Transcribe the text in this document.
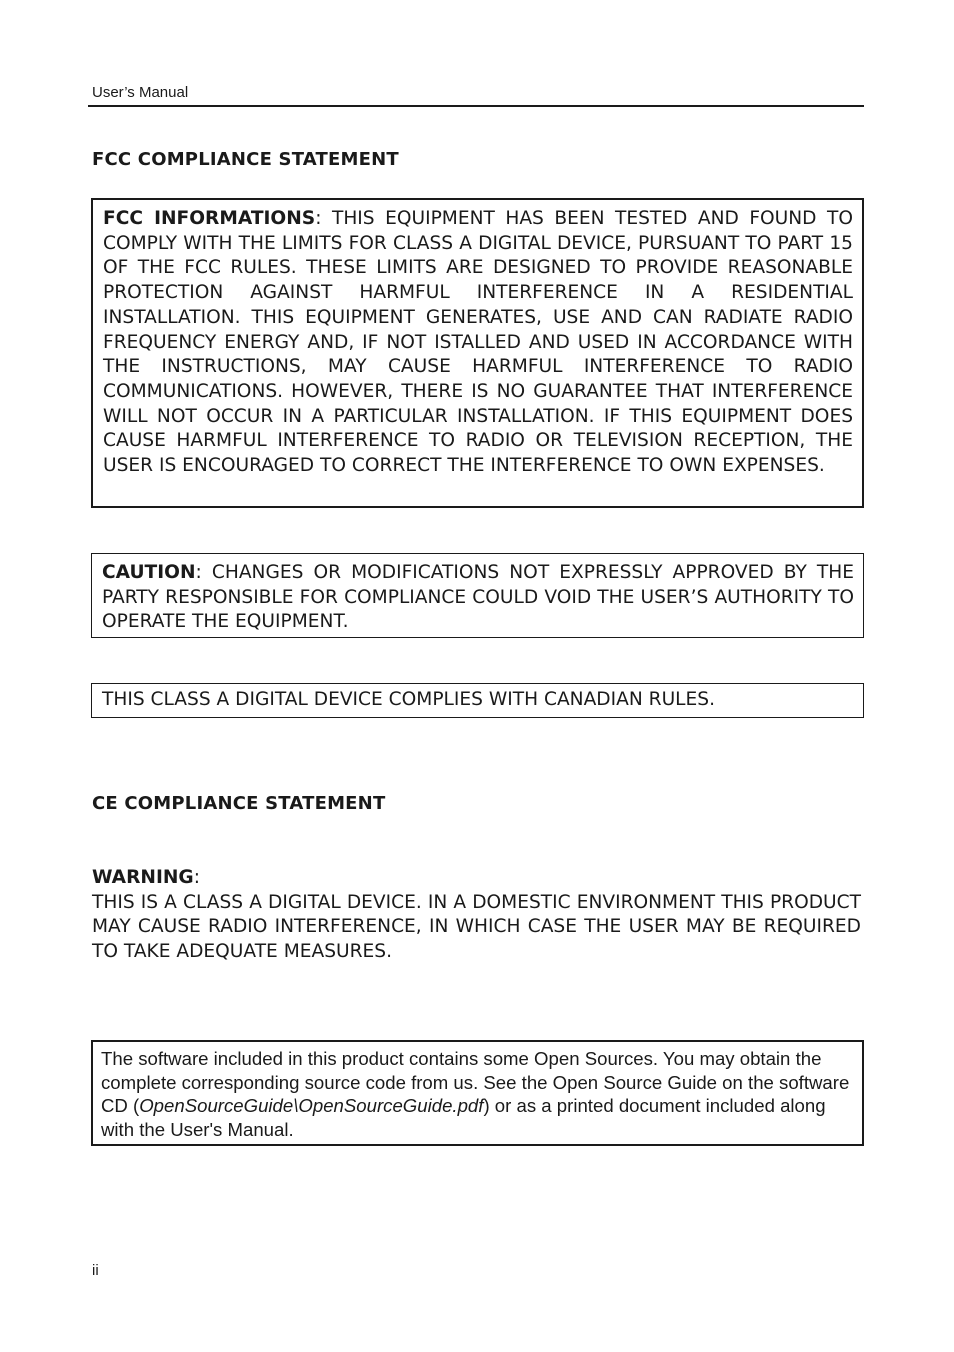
User’s Manual
FCC COMPLIANCE STATEMENT
FCC INFORMATIONS: THIS EQUIPMENT HAS BEEN TESTED AND FOUND TO COMPLY WITH THE LIMITS FOR CLASS A DIGITAL DEVICE, PURSUANT TO PART 15 OF THE FCC RULES. THESE LIMITS ARE DESIGNED TO PROVIDE REASONABLE PROTECTION AGAINST HARMFUL INTERFERENCE IN A RESIDENTIAL INSTALLATION. THIS EQUIPMENT GENERATES, USE AND CAN RADIATE RADIO FREQUENCY ENERGY AND, IF NOT ISTALLED AND USED IN ACCORDANCE WITH THE INSTRUCTIONS, MAY CAUSE HARMFUL INTERFERENCE TO RADIO COMMUNICATIONS. HOWEVER, THERE IS NO GUARANTEE THAT INTERFERENCE WILL NOT OCCUR IN A PARTICULAR INSTALLATION. IF THIS EQUIPMENT DOES CAUSE HARMFUL INTERFERENCE TO RADIO OR TELEVISION RECEPTION, THE USER IS ENCOURAGED TO CORRECT THE INTERFERENCE TO OWN EXPENSES.
CAUTION: CHANGES OR MODIFICATIONS NOT EXPRESSLY APPROVED BY THE PARTY RESPONSIBLE FOR COMPLIANCE COULD VOID THE USER’S AUTHORITY TO OPERATE THE EQUIPMENT.
THIS CLASS A DIGITAL DEVICE COMPLIES WITH CANADIAN RULES.
CE COMPLIANCE STATEMENT
WARNING:
THIS IS A CLASS A DIGITAL DEVICE. IN A DOMESTIC ENVIRONMENT THIS PRODUCT MAY CAUSE RADIO INTERFERENCE, IN WHICH CASE THE USER MAY BE REQUIRED TO TAKE ADEQUATE MEASURES.
The software included in this product contains some Open Sources. You may obtain the complete corresponding source code from us. See the Open Source Guide on the software CD (OpenSourceGuide\OpenSourceGuide.pdf) or as a printed document included along with the User's Manual.
ii
